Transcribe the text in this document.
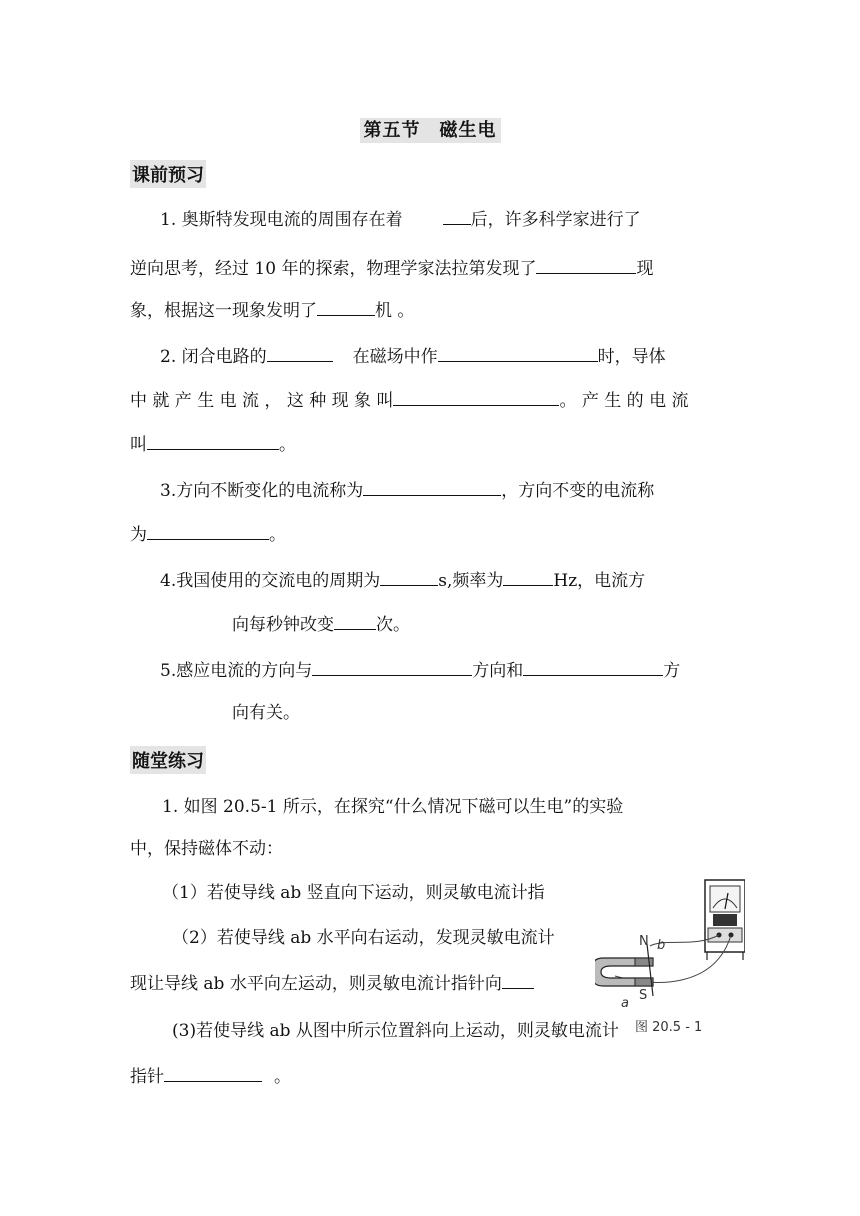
第五节　磁生电
课前预习
1. 奥斯特发现电流的周围存在着	后，许多科学家进行了
逆向思考，经过 10 年的探索，物理学家法拉第发现了	现
象，根据这一现象发明了	机 。
2. 闭合电路的	在磁场中作	时，导体
中 就 产 生 电 流 ， 这 种 现 象 叫	。 产 生 的 电 流
叫	。
3.方向不断变化的电流称为	，方向不变的电流称
为	。
4.我国使用的交流电的周期为	s,频率为	Hz，电流方
向每秒钟改变 次。
5.感应电流的方向与	方向和	方
向有关。
随堂练习
1. 如图 20.5-1 所示，在探究“什么情况下磁可以生电”的实验
中，保持磁体不动：
（1）若使导线 ab 竖直向下运动，则灵敏电流计指
（2）若使导线 ab 水平向右运动，发现灵敏电流计
现让导线 ab 水平向左运动，则灵敏电流计指针向
(3)若使导线 ab 从图中所示位置斜向上运动，则灵敏电流计
指针	。
N
S
b
a
图 20.5 - 1
